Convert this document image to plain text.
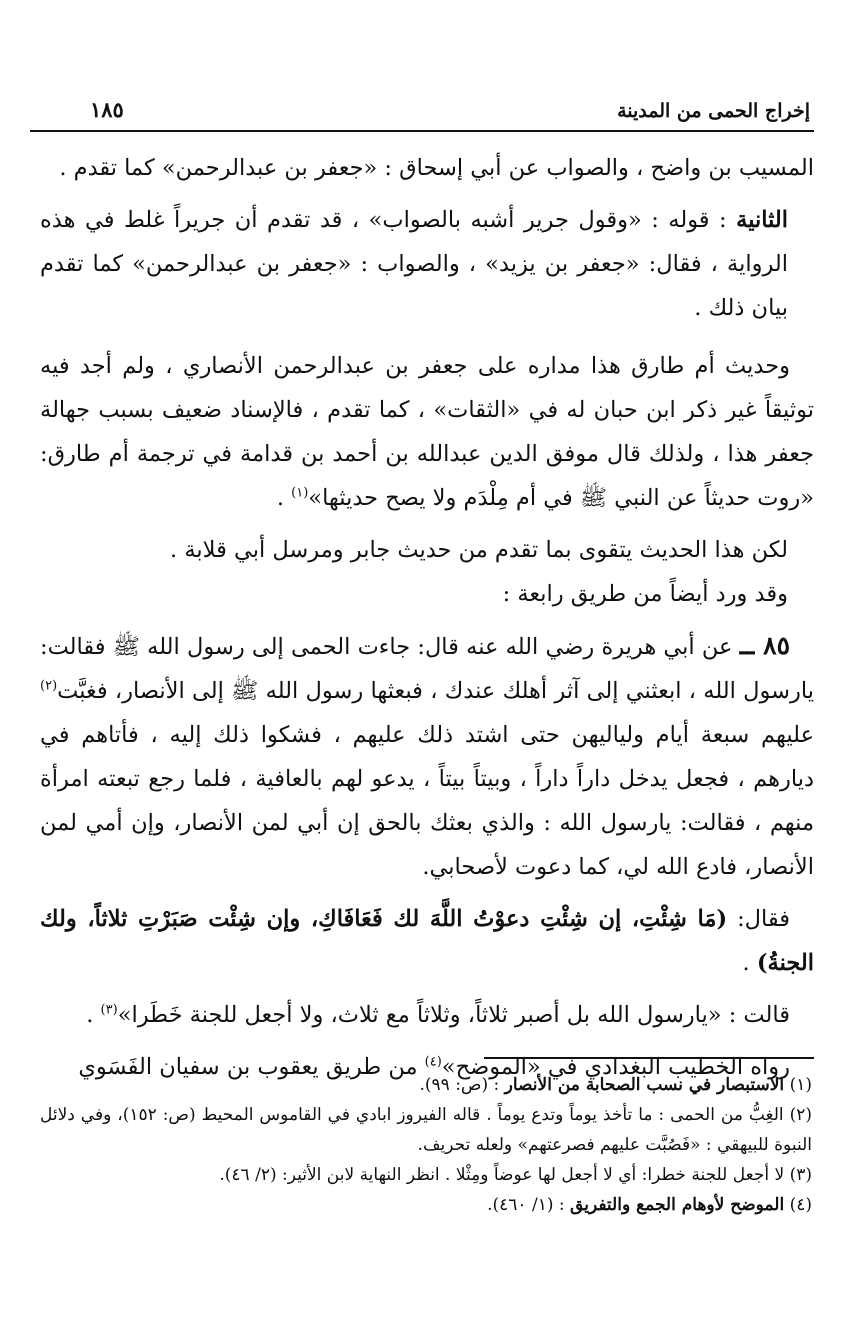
إخراج الحمى من المدينة
١٨٥

المسيب بن واضح ، والصواب عن أبي إسحاق : «جعفر بن عبدالرحمن» كما تقدم .

الثانية : قوله : «وقول جرير أشبه بالصواب» ، قد تقدم أن جريراً غلط في هذه الرواية ، فقال: «جعفر بن يزيد» ، والصواب : «جعفر بن عبدالرحمن» كما تقدم بيان ذلك .

وحديث أم طارق هذا مداره على جعفر بن عبدالرحمن الأنصاري ، ولم أجد فيه توثيقاً غير ذكر ابن حبان له في «الثقات» ، كما تقدم ، فالإسناد ضعيف بسبب جهالة جعفر هذا ، ولذلك قال موفق الدين عبدالله بن أحمد بن قدامة في ترجمة أم طارق: «روت حديثاً عن النبي ﷺ في أم مِلْدَم ولا يصح حديثها»$^{(١)}$ .

لكن هذا الحديث يتقوى بما تقدم من حديث جابر ومرسل أبي قلابة .

وقد ورد أيضاً من طريق رابعة :

٨٥ ــ عن أبي هريرة رضي الله عنه قال: جاءت الحمى إلى رسول الله ﷺ فقالت: يارسول الله ، ابعثني إلى آثر أهلك عندك ، فبعثها رسول الله ﷺ إلى الأنصار، فغبَّت$^{(٢)}$ عليهم سبعة أيام ولياليهن حتى اشتد ذلك عليهم ، فشكوا ذلك إليه ، فأتاهم في ديارهم ، فجعل يدخل داراً داراً ، وبيتاً بيتاً ، يدعو لهم بالعافية ، فلما رجع تبعته امرأة منهم ، فقالت: يارسول الله : والذي بعثك بالحق إن أبي لمن الأنصار، وإن أمي لمن الأنصار، فادع الله لي، كما دعوت لأصحابي.

فقال: (مَا شِئْتِ، إن شِئْتِ دعوْتُ اللَّهَ لك فَعَافَاكِ، وإن شِئْت صَبَرْتِ ثلاثاً، ولك الجنةُ) .

قالت : «يارسول الله بل أصبر ثلاثاً، وثلاثاً مع ثلاث، ولا أجعل للجنة خَطَرا»$^{(٣)}$ .

رواه الخطيب البغدادي في «الموضح»$^{(٤)}$ من طريق يعقوب بن سفيان الفَسَوي

(١) الاستبصار في نسب الصحابة من الأنصار : (ص: ٩٩).

(٢) الغِبُّ من الحمى : ما تأخذ يوماً وتدع يوماً . قاله الفيروز ابادي في القاموس المحيط (ص: ١٥٢)، وفي دلائل النبوة للبيهقي : «فَصُبَّت عليهم فصرعتهم» ولعله تحريف.

(٣) لا أجعل للجنة خطرا: أي لا أجعل لها عوضاً ومِثْلا . انظر النهاية لابن الأثير: (٢/ ٤٦).

(٤) الموضح لأوهام الجمع والتفريق : (١/ ٤٦٠).
